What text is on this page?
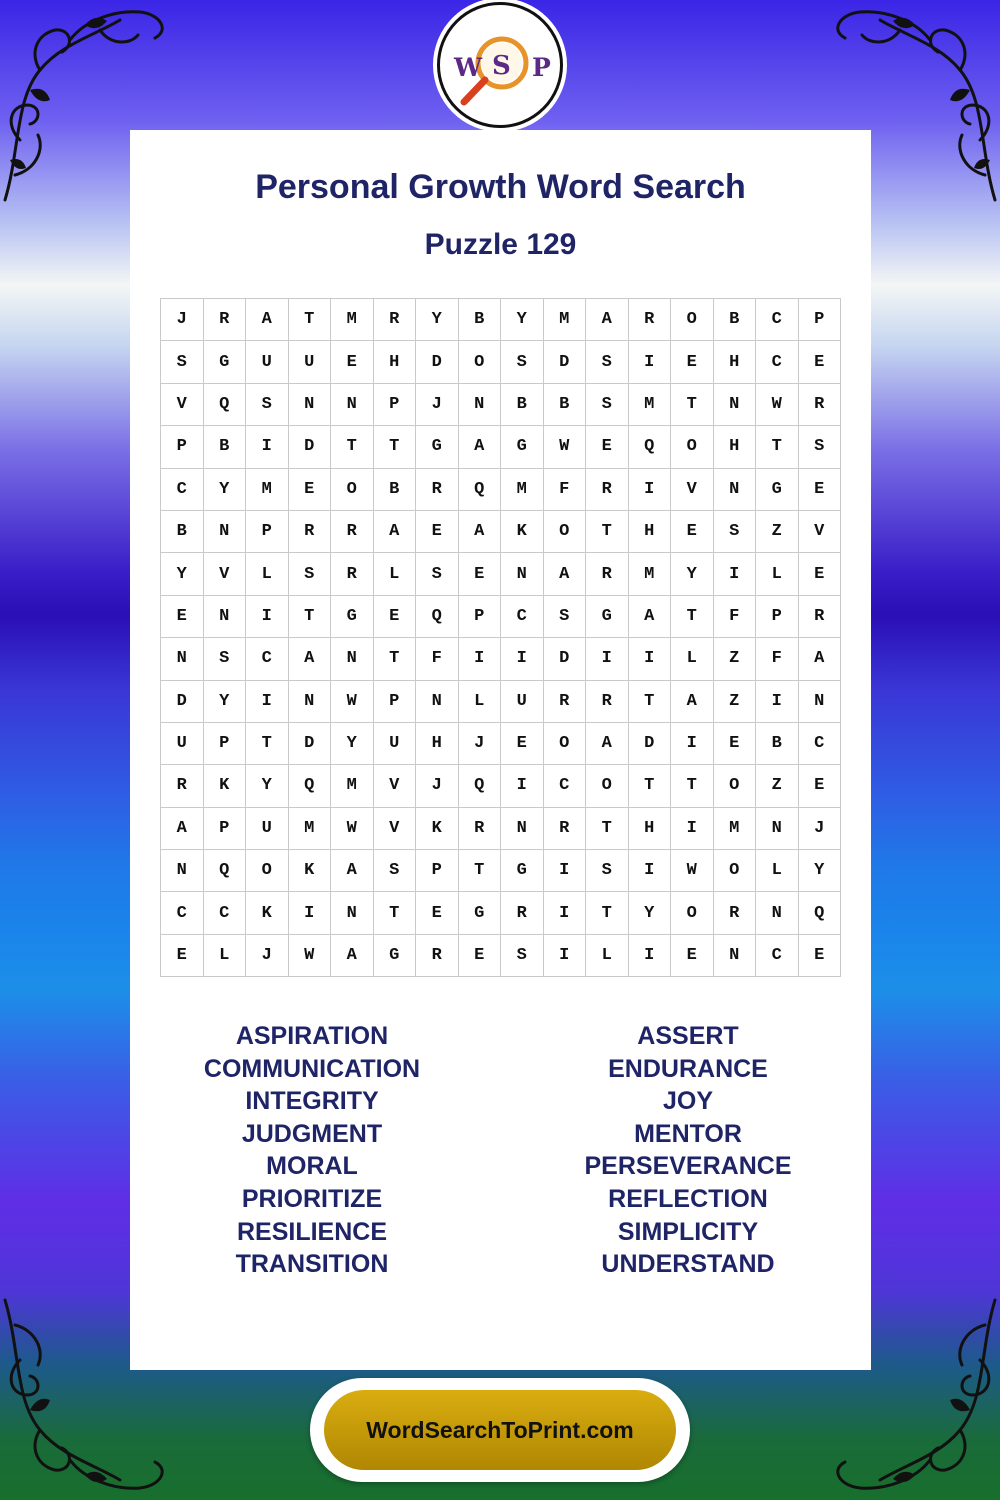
W S P
Personal Growth Word Search
Puzzle 129
J	R	A	T	M	R	Y	B	Y	M	A	R	O	B	C	P
S	G	U	U	E	H	D	O	S	D	S	I	E	H	C	E
V	Q	S	N	N	P	J	N	B	B	S	M	T	N	W	R
P	B	I	D	T	T	G	A	G	W	E	Q	O	H	T	S
C	Y	M	E	O	B	R	Q	M	F	R	I	V	N	G	E
B	N	P	R	R	A	E	A	K	O	T	H	E	S	Z	V
Y	V	L	S	R	L	S	E	N	A	R	M	Y	I	L	E
E	N	I	T	G	E	Q	P	C	S	G	A	T	F	P	R
N	S	C	A	N	T	F	I	I	D	I	I	L	Z	F	A
D	Y	I	N	W	P	N	L	U	R	R	T	A	Z	I	N
U	P	T	D	Y	U	H	J	E	O	A	D	I	E	B	C
R	K	Y	Q	M	V	J	Q	I	C	O	T	T	O	Z	E
A	P	U	M	W	V	K	R	N	R	T	H	I	M	N	J
N	Q	O	K	A	S	P	T	G	I	S	I	W	O	L	Y
C	C	K	I	N	T	E	G	R	I	T	Y	O	R	N	Q
E	L	J	W	A	G	R	E	S	I	L	I	E	N	C	E
ASPIRATION
COMMUNICATION
INTEGRITY
JUDGMENT
MORAL
PRIORITIZE
RESILIENCE
TRANSITION
ASSERT
ENDURANCE
JOY
MENTOR
PERSEVERANCE
REFLECTION
SIMPLICITY
UNDERSTAND
WordSearchToPrint.com
